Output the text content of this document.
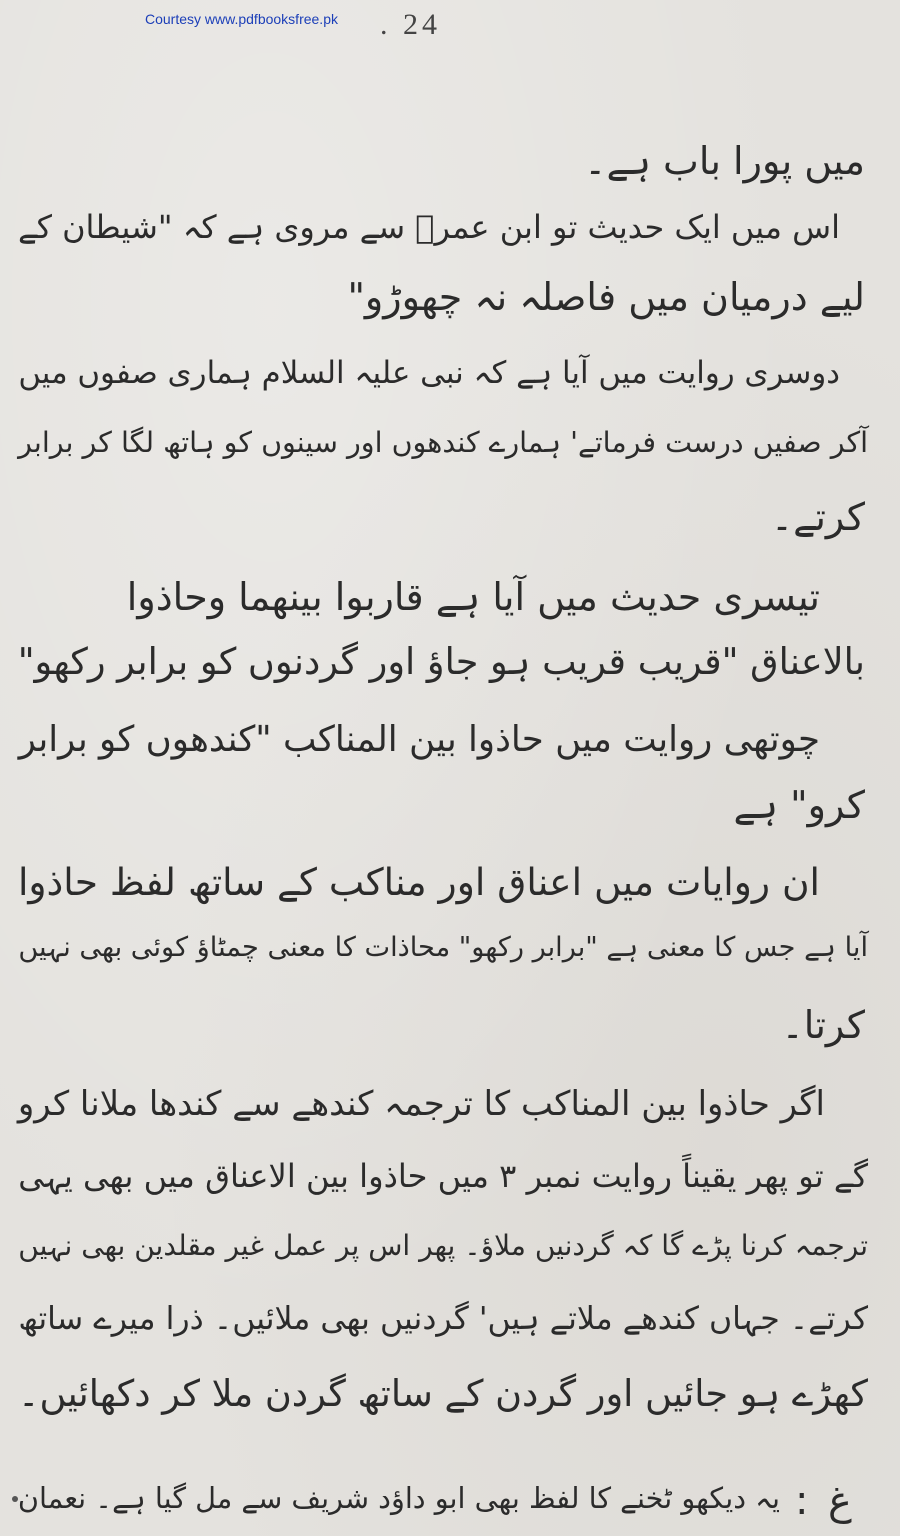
Courtesy www.pdfbooksfree.pk . 24
میں پورا باب ہے۔
اس میں ایک حدیث تو ابن عمرؓ سے مروی ہے کہ "شیطان کے
لیے درمیان میں فاصلہ نہ چھوڑو"
دوسری روایت میں آیا ہے کہ نبی علیہ السلام ہماری صفوں میں
آکر صفیں درست فرماتے' ہمارے کندھوں اور سینوں کو ہاتھ لگا کر برابر
کرتے۔
تیسری حدیث میں آیا ہے قاربوا بینھما وحاذوا
بالاعناق "قریب قریب ہو جاؤ اور گردنوں کو برابر رکھو"
چوتھی روایت میں حاذوا بین المناکب "کندھوں کو برابر
کرو" ہے
ان روایات میں اعناق اور مناکب کے ساتھ لفظ حاذوا
آیا ہے جس کا معنی ہے "برابر رکھو" محاذات کا معنی چمٹاؤ کوئی بھی نہیں
کرتا۔
اگر حاذوا بین المناکب کا ترجمہ کندھے سے کندھا ملانا کرو
گے تو پھر یقیناً روایت نمبر ۳ میں حاذوا بین الاعناق میں بھی یہی
ترجمہ کرنا پڑے گا کہ گردنیں ملاؤ۔ پھر اس پر عمل غیر مقلدین بھی نہیں
کرتے۔ جہاں کندھے ملاتے ہیں' گردنیں بھی ملائیں۔ ذرا میرے ساتھ
کھڑے ہو جائیں اور گردن کے ساتھ گردن ملا کر دکھائیں۔
غ
:
یہ دیکھو ٹخنے کا لفظ بھی ابو داؤد شریف سے مل گیا ہے۔ نعمان
